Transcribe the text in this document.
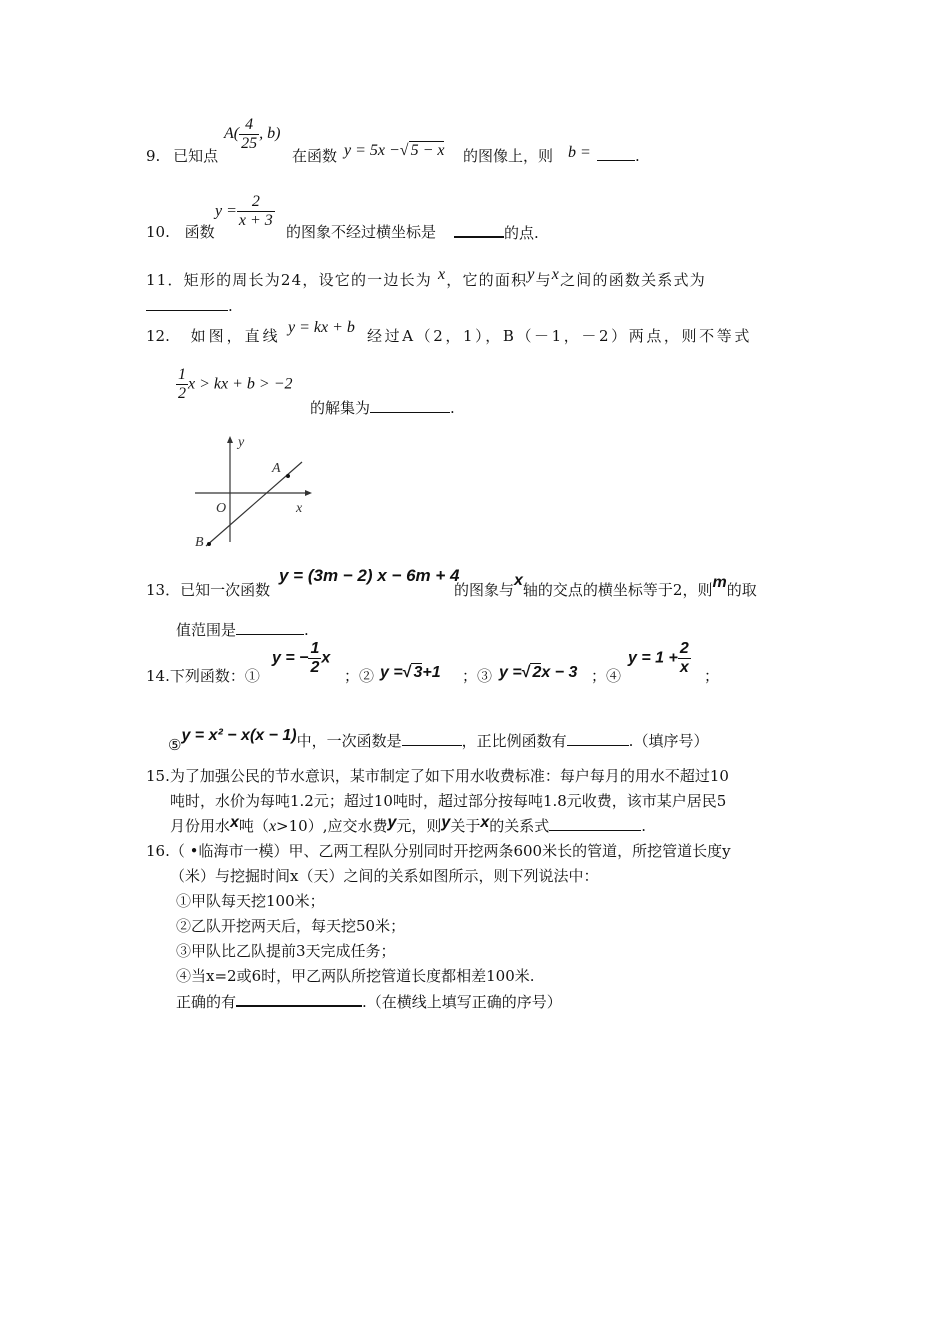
9. 已知点
$A( \frac{4}{25}$ , b)
在函数 y = 5x −√ 5 − x 的图像上，则 b =	.
10. 函数
$y = \frac{2}{x + 3}$
的图象不经过横坐标是	的点.
11．矩形的周长为24，设它的一边长为 x，它的面积y与x之间的函数关系式为
.
12. 如图，直线 y = kx + b 经过A（2，1），B（－1，－2）两点，则不等式
$\frac{1}{2}$ x > kx + b > −2
的解集为	.
y
x
O
A
B
13．已知一次函数
y = (3m − 2) x − 6m + 4
的图象与x轴的交点的横坐标等于2，则m的取
值范围是	.
14.下列函数：①
y = − $\frac{1}{2}$ x
；② y =√ 3+1 ；③ y =√ 2x − 3 ；④
$y = 1 + \frac{2}{x}$ ；
⑤y = x² − x(x − 1)中，一次函数是	，正比例函数有	.（填序号）
15.为了加强公民的节水意识，某市制定了如下用水收费标准：每户每月的用水不超过10
吨时，水价为每吨1.2元；超过10吨时，超过部分按每吨1.8元收费，该市某户居民5
月份用水x吨（x>10）,应交水费y元，则y关于x的关系式	.
16.（ •临海市一模）甲、乙两工程队分别同时开挖两条600米长的管道，所挖管道长度y
（米）与挖掘时间x（天）之间的关系如图所示，则下列说法中：
①甲队每天挖100米；
②乙队开挖两天后，每天挖50米；
③甲队比乙队提前3天完成任务；
④当x=2或6时，甲乙两队所挖管道长度都相差100米.
正确的有	.（在横线上填写正确的序号）
